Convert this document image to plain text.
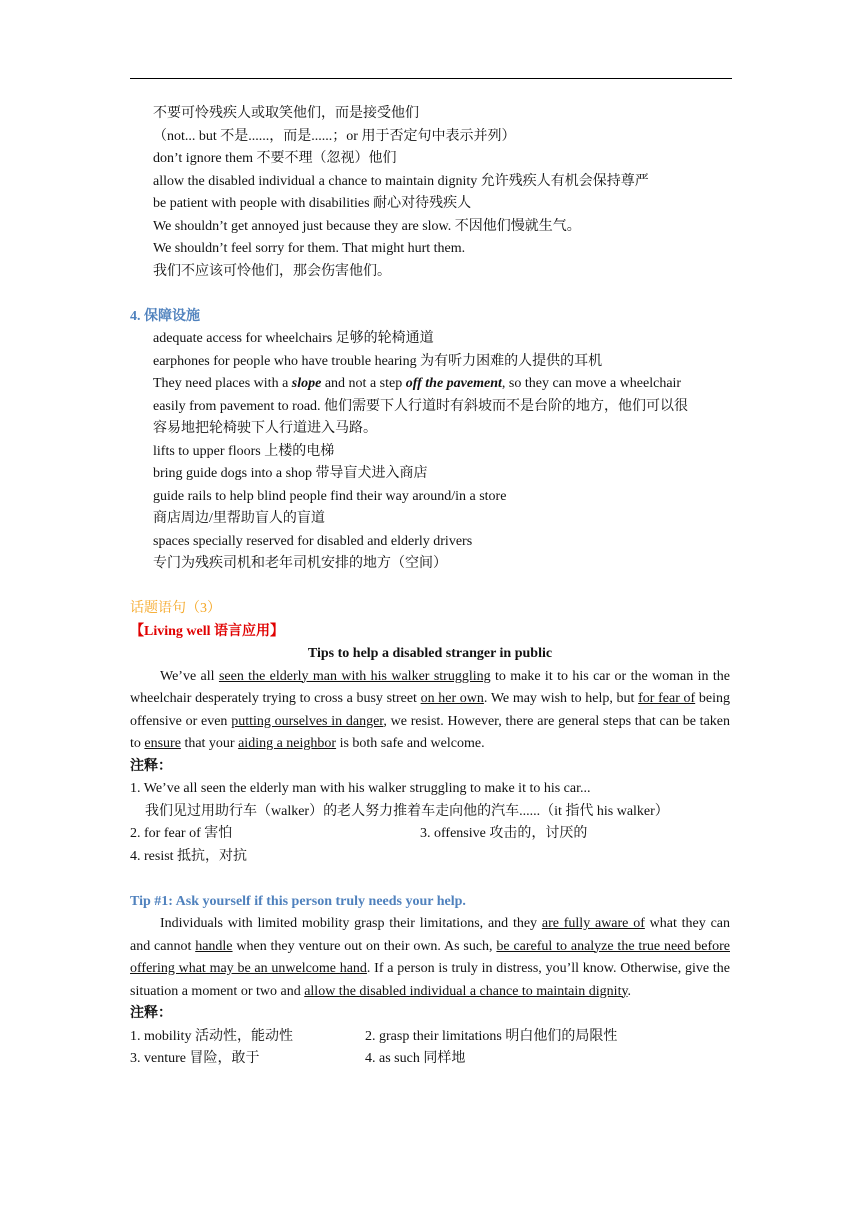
不要可怜残疾人或取笑他们，而是接受他们
（not... but 不是......，而是......；or 用于否定句中表示并列）
don’t ignore them 不要不理（忽视）他们
allow the disabled individual a chance to maintain dignity 允许残疾人有机会保持尊严
be patient with people with disabilities 耐心对待残疾人
We shouldn’t get annoyed just because they are slow. 不因他们慢就生气。
We shouldn’t feel sorry for them. That might hurt them.
我们不应该可怜他们，那会伤害他们。
4. 保障设施
adequate access for wheelchairs 足够的轮椅通道
earphones for people who have trouble hearing 为有听力困难的人提供的耳机
They need places with a slope and not a step off the pavement, so they can move a wheelchair
easily from pavement to road. 他们需要下人行道时有斜坡而不是台阶的地方，他们可以很
容易地把轮椅驶下人行道进入马路。
lifts to upper floors 上楼的电梯
bring guide dogs into a shop 带导盲犬进入商店
guide rails to help blind people find their way around/in a store
商店周边/里帮助盲人的盲道
spaces specially reserved for disabled and elderly drivers
专门为残疾司机和老年司机安排的地方（空间）
话题语句（3）
【Living well 语言应用】
Tips to help a disabled stranger in public
We’ve all seen the elderly man with his walker struggling to make it to his car or the woman in the wheelchair desperately trying to cross a busy street on her own. We may wish to help, but for fear of being offensive or even putting ourselves in danger, we resist. However, there are general steps that can be taken to ensure that your aiding a neighbor is both safe and welcome.
注释：
1. We’ve all seen the elderly man with his walker struggling to make it to his car...
我们见过用助行车（walker）的老人努力推着车走向他的汽车......（it 指代 his walker）
2. for fear of 害怕	3. offensive 攻击的，讨厌的
4. resist 抵抗，对抗
Tip #1: Ask yourself if this person truly needs your help.
Individuals with limited mobility grasp their limitations, and they are fully aware of what they can and cannot handle when they venture out on their own. As such, be careful to analyze the true need before offering what may be an unwelcome hand. If a person is truly in distress, you’ll know. Otherwise, give the situation a moment or two and allow the disabled individual a chance to maintain dignity.
注释：
1. mobility 活动性，能动性	2. grasp their limitations 明白他们的局限性
3. venture 冒险，敢于	4. as such 同样地
